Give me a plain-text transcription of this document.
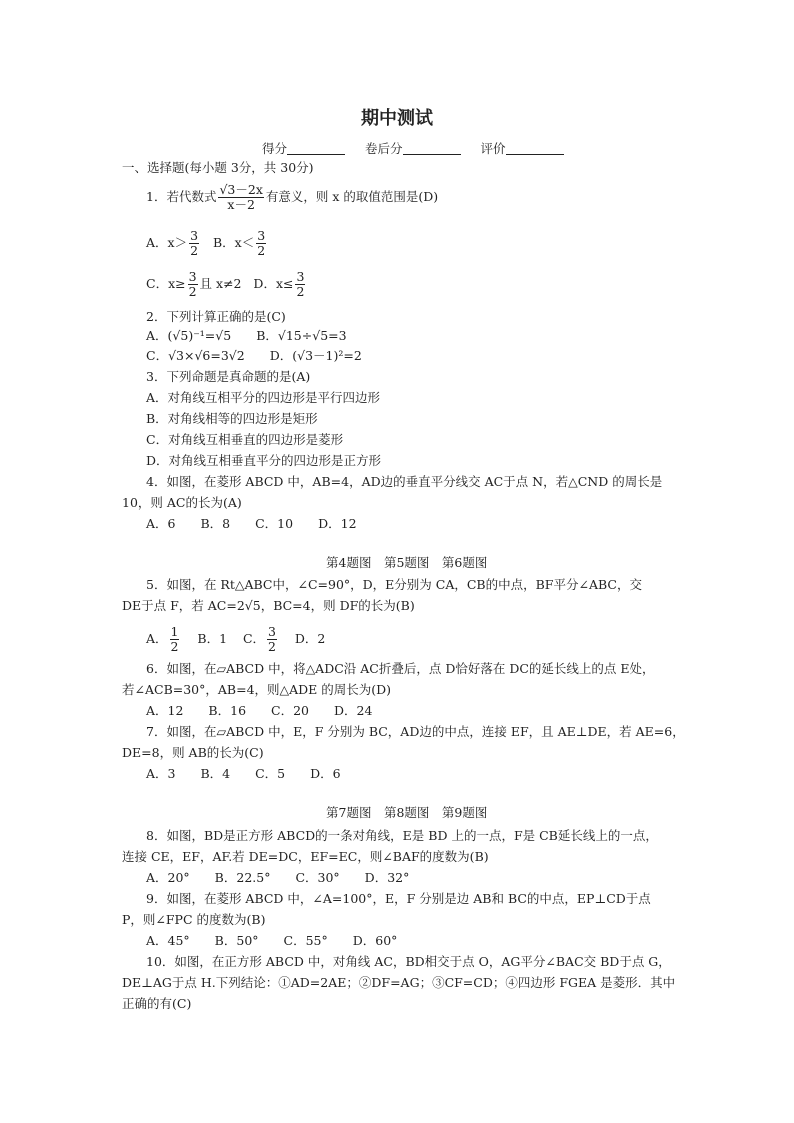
期中测试
得分	卷后分	评价
一、选择题(每小题 3分，共 30分)
1．若代数式 $\frac{√3-2x}{x-2}$ 有意义，则 x 的取值范围是(D)
A．$x> \frac{3}{2}$ B．$x< \frac{3}{2}$
C．$x\ge \frac{3}{2}$ 且 x≠2 D．$x\le \frac{3}{2}$
2．下列计算正确的是(C)
A．(√5)⁻¹=√5　　B．√15÷√5=3
C．√3×√6=3√2　　D．(√3－1)²=2
3．下列命题是真命题的是(A)
A．对角线互相平分的四边形是平行四边形
B．对角线相等的四边形是矩形
C．对角线互相垂直的四边形是菱形
D．对角线互相垂直平分的四边形是正方形
4．如图，在菱形 ABCD 中，AB=4，AD边的垂直平分线交 AC于点 N，若△CND 的周长是
10，则 AC的长为(A)
A．6　　B．8　　C．10　　D．12
第4题图　第5题图　第6题图
5．如图，在 Rt△ABC中，∠C=90°，D，E分别为 CA，CB的中点，BF平分∠ABC，交
DE于点 F，若 AC=2√5，BC=4，则 DF的长为(B)
A． $\frac{1}{2}$ B．1 C． $\frac{3}{2}$ D．2
6．如图，在▱ABCD 中，将△ADC沿 AC折叠后，点 D恰好落在 DC的延长线上的点 E处，
若∠ACB=30°，AB=4，则△ADE 的周长为(D)
A．12　　B．16　　C．20　　D．24
7．如图，在▱ABCD 中，E，F 分别为 BC，AD边的中点，连接 EF，且 AE⊥DE，若 AE=6，
DE=8，则 AB的长为(C)
A．3　　B．4　　C．5　　D．6
第7题图　第8题图　第9题图
8．如图，BD是正方形 ABCD的一条对角线，E是 BD 上的一点，F是 CB延长线上的一点，
连接 CE，EF，AF.若 DE=DC，EF=EC，则∠BAF的度数为(B)
A．20°　　B．22.5°　　C．30°　　D．32°
9．如图，在菱形 ABCD 中，∠A=100°，E，F 分别是边 AB和 BC的中点，EP⊥CD于点
P，则∠FPC 的度数为(B)
A．45°　　B．50°　　C．55°　　D．60°
10．如图，在正方形 ABCD 中，对角线 AC，BD相交于点 O，AG平分∠BAC交 BD于点 G，
DE⊥AG于点 H.下列结论：①AD=2AE；②DF=AG；③CF=CD；④四边形 FGEA 是菱形．其中
正确的有(C)
